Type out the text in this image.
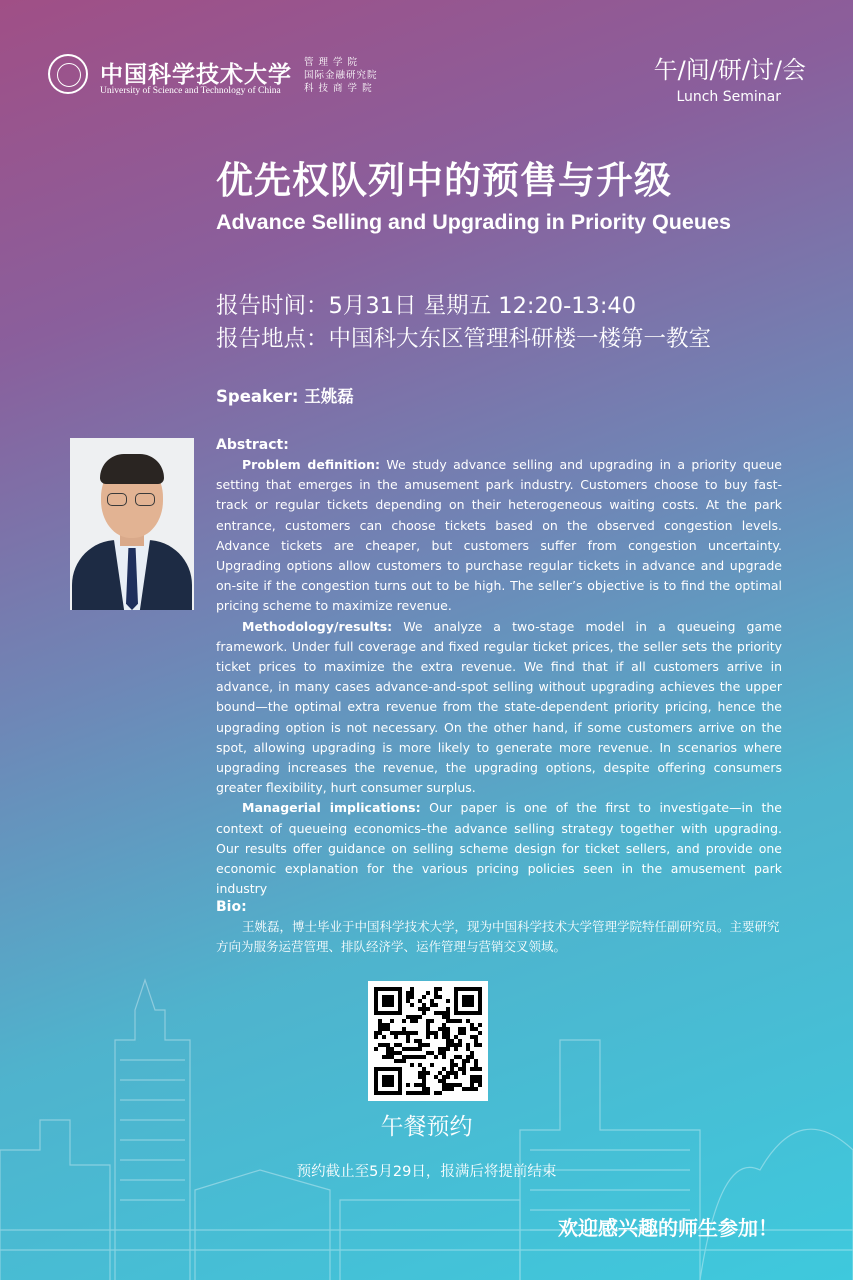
中国科学技术大学
University of Science and Technology of China
管 理 学 院
国际金融研究院
科 技 商 学 院
午/间/研/讨/会
Lunch Seminar
优先权队列中的预售与升级
Advance Selling and Upgrading in Priority Queues
报告时间：5月31日 星期五 12:20-13:40
报告地点：中国科大东区管理科研楼一楼第一教室
Speaker: 王姚磊
Abstract:

Problem definition: We study advance selling and upgrading in a priority queue setting that emerges in the amusement park industry. Customers choose to buy fast-track or regular tickets depending on their heterogeneous waiting costs. At the park entrance, customers can choose tickets based on the observed congestion levels. Advance tickets are cheaper, but customers suffer from congestion uncertainty. Upgrading options allow customers to purchase regular tickets in advance and upgrade on-site if the congestion turns out to be high. The seller’s objective is to find the optimal pricing scheme to maximize revenue.

Methodology/results: We analyze a two-stage model in a queueing game framework. Under full coverage and fixed regular ticket prices, the seller sets the priority ticket prices to maximize the extra revenue. We find that if all customers arrive in advance, in many cases advance-and-spot selling without upgrading achieves the upper bound—the optimal extra revenue from the state-dependent priority pricing, hence the upgrading option is not necessary. On the other hand, if some customers arrive on the spot, allowing upgrading is more likely to generate more revenue. In scenarios where upgrading increases the revenue, the upgrading options, despite offering consumers greater flexibility, hurt consumer surplus.

Managerial implications: Our paper is one of the first to investigate—in the context of queueing economics–the advance selling strategy together with upgrading. Our results offer guidance on selling scheme design for ticket sellers, and provide one economic explanation for the various pricing policies seen in the amusement park industry

Bio:

王姚磊，博士毕业于中国科学技术大学，现为中国科学技术大学管理学院特任副研究员。主要研究方向为服务运营管理、排队经济学、运作管理与营销交叉领域。

午餐预约
预约截止至5月29日，报满后将提前结束
欢迎感兴趣的师生参加！
